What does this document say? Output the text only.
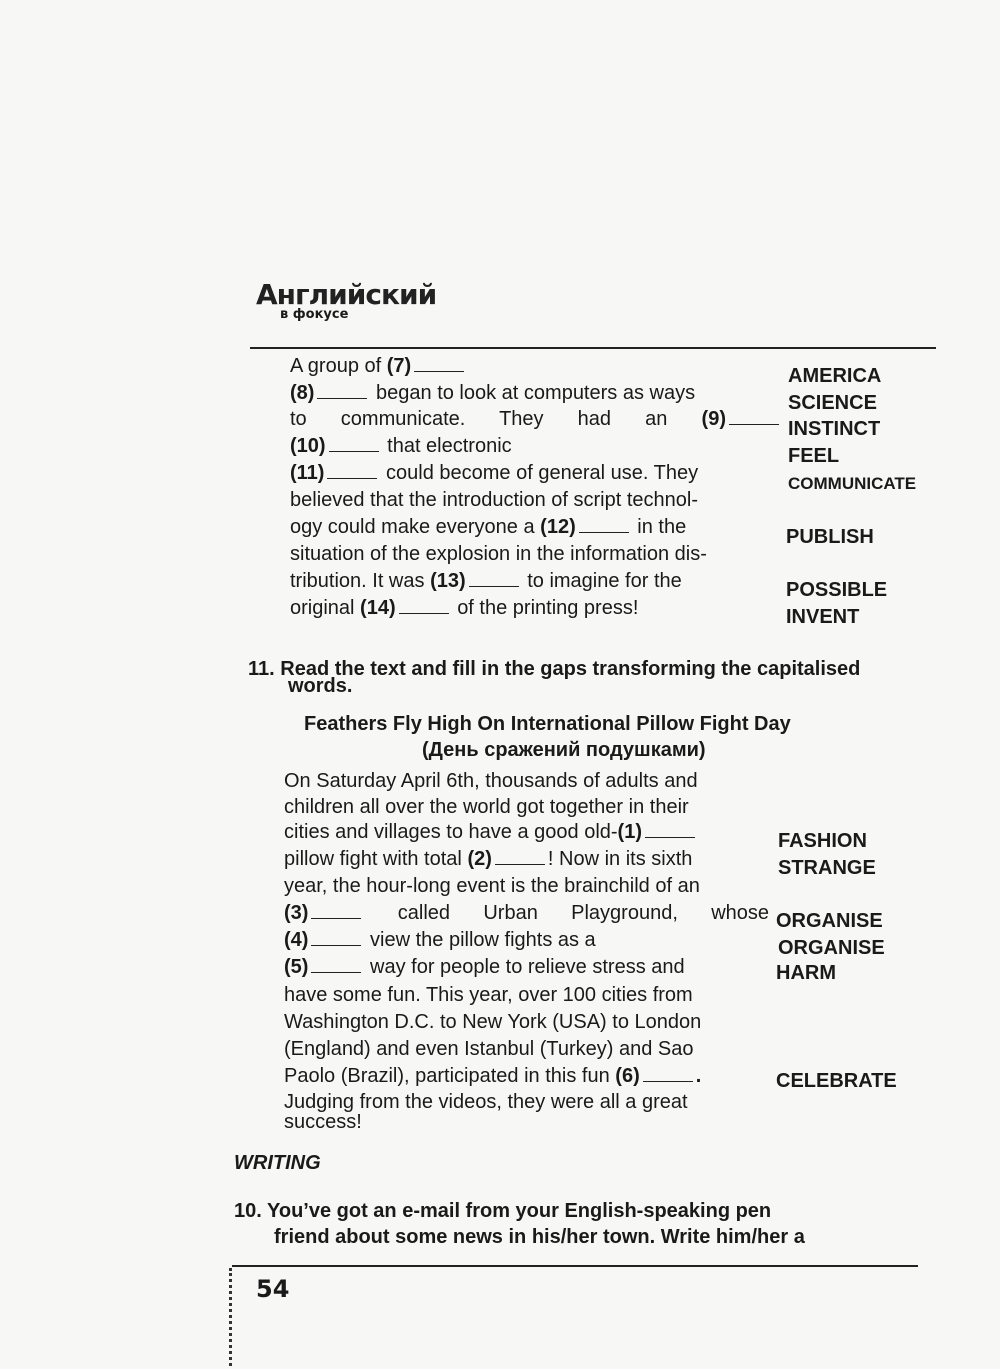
Английский
в фокусе
A group of (7)
(8)	began to look at computers as ways
to communicate. They had an (9)
(10)	that electronic
(11)	could become of general use. They
believed that the introduction of script technol-
ogy could make everyone a (12)	in the
situation of the explosion in the information dis-
tribution. It was (13)	to imagine for the
original (14)	of the printing press!
AMERICA
SCIENCE
INSTINCT
FEEL
COMMUNICATE
PUBLISH
POSSIBLE
INVENT
11. Read the text and fill in the gaps transforming the capitalised
words.
Feathers Fly High On International Pillow Fight Day
(День сражений подушками)
On Saturday April 6th, thousands of adults and
children all over the world got together in their
cities and villages to have a good old-(1)
pillow fight with total (2)	! Now in its sixth
year, the hour-long event is the brainchild of an
(3)	called Urban Playground, whose
(4)	view the pillow fights as a
(5)	way for people to relieve stress and
have some fun. This year, over 100 cities from
Washington D.C. to New York (USA) to London
(England) and even Istanbul (Turkey) and Sao
Paolo (Brazil), participated in this fun (6)	.
Judging from the videos, they were all a great
success!
FASHION
STRANGE
ORGANISE
ORGANISE
HARM
CELEBRATE
WRITING
10. You’ve got an e-mail from your English-speaking pen
friend about some news in his/her town. Write him/her a
54
